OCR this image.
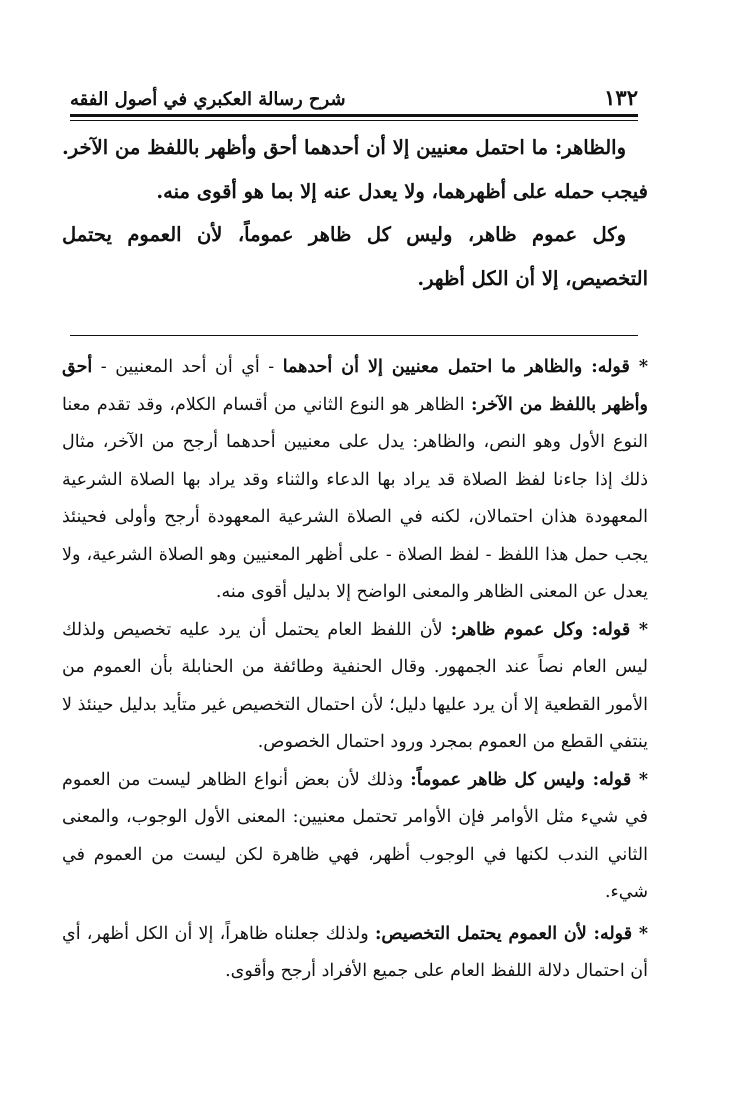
١٣٢
شرح رسالة العكبري في أصول الفقه

والظاهر: ما احتمل معنيين إلا أن أحدهما أحق وأظهر باللفظ من الآخر. فيجب حمله على أظهرهما، ولا يعدل عنه إلا بما هو أقوى منه.

وكل عموم ظاهر، وليس كل ظاهر عموماً، لأن العموم يحتمل التخصيص، إلا أن الكل أظهر.

* قوله: والظاهر ما احتمل معنيين إلا أن أحدهما - أي أن أحد المعنيين - أحق وأظهر باللفظ من الآخر: الظاهر هو النوع الثاني من أقسام الكلام، وقد تقدم معنا النوع الأول وهو النص، والظاهر: يدل على معنيين أحدهما أرجح من الآخر، مثال ذلك إذا جاءنا لفظ الصلاة قد يراد بها الدعاء والثناء وقد يراد بها الصلاة الشرعية المعهودة هذان احتمالان، لكنه في الصلاة الشرعية المعهودة أرجح وأولى فحينئذ يجب حمل هذا اللفظ - لفظ الصلاة - على أظهر المعنيين وهو الصلاة الشرعية، ولا يعدل عن المعنى الظاهر والمعنى الواضح إلا بدليل أقوى منه.

* قوله: وكل عموم ظاهر: لأن اللفظ العام يحتمل أن يرد عليه تخصيص ولذلك ليس العام نصاً عند الجمهور. وقال الحنفية وطائفة من الحنابلة بأن العموم من الأمور القطعية إلا أن يرد عليها دليل؛ لأن احتمال التخصيص غير متأيد بدليل حينئذ لا ينتفي القطع من العموم بمجرد ورود احتمال الخصوص.

* قوله: وليس كل ظاهر عموماً: وذلك لأن بعض أنواع الظاهر ليست من العموم في شيء مثل الأوامر فإن الأوامر تحتمل معنيين: المعنى الأول الوجوب، والمعنى الثاني الندب لكنها في الوجوب أظهر، فهي ظاهرة لكن ليست من العموم في شيء.

* قوله: لأن العموم يحتمل التخصيص: ولذلك جعلناه ظاهراً، إلا أن الكل أظهر، أي أن احتمال دلالة اللفظ العام على جميع الأفراد أرجح وأقوى.
